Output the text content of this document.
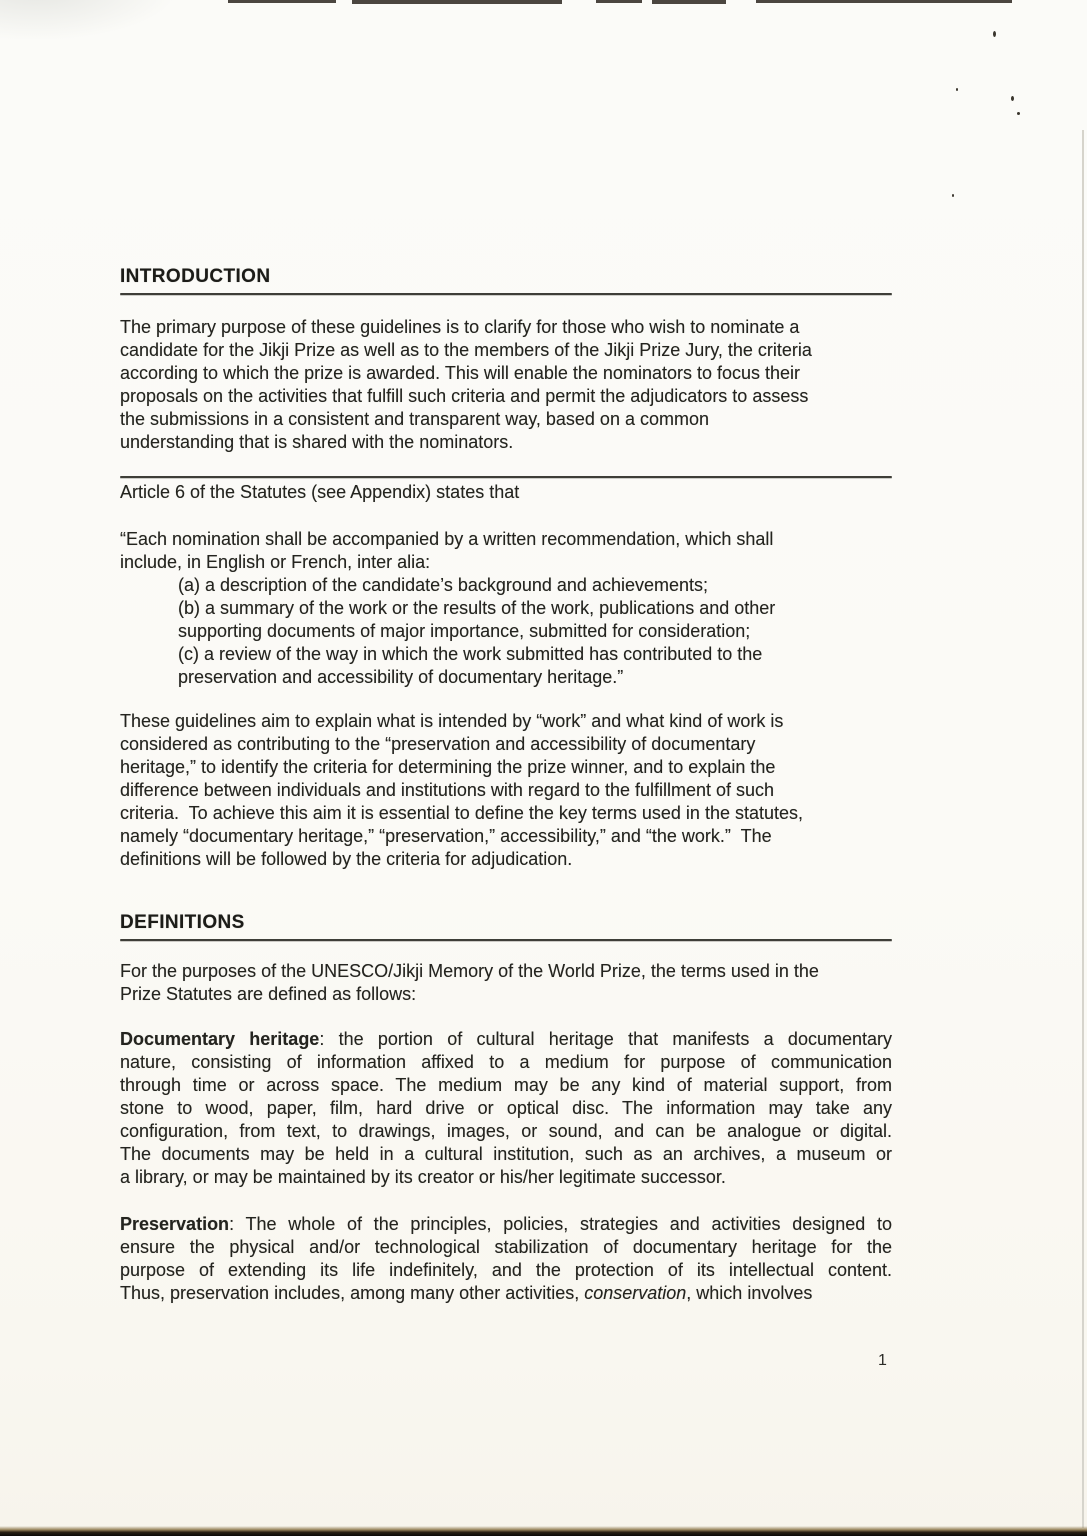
INTRODUCTION
The primary purpose of these guidelines is to clarify for those who wish to nominate a
candidate for the Jikji Prize as well as to the members of the Jikji Prize Jury, the criteria
according to which the prize is awarded. This will enable the nominators to focus their
proposals on the activities that fulfill such criteria and permit the adjudicators to assess
the submissions in a consistent and transparent way, based on a common
understanding that is shared with the nominators.
Article 6 of the Statutes (see Appendix) states that
“Each nomination shall be accompanied by a written recommendation, which shall
include, in English or French, inter alia:
(a) a description of the candidate’s background and achievements;
(b) a summary of the work or the results of the work, publications and other
supporting documents of major importance, submitted for consideration;
(c) a review of the way in which the work submitted has contributed to the
preservation and accessibility of documentary heritage.”
These guidelines aim to explain what is intended by “work” and what kind of work is
considered as contributing to the “preservation and accessibility of documentary
heritage,” to identify the criteria for determining the prize winner, and to explain the
difference between individuals and institutions with regard to the fulfillment of such
criteria.  To achieve this aim it is essential to define the key terms used in the statutes,
namely “documentary heritage,” “preservation,” accessibility,” and “the work.”  The
definitions will be followed by the criteria for adjudication.
DEFINITIONS
For the purposes of the UNESCO/Jikji Memory of the World Prize, the terms used in the
Prize Statutes are defined as follows:
Documentary heritage: the portion of cultural heritage that manifests a documentary
nature, consisting of information affixed to a medium for purpose of communication
through time or across space. The medium may be any kind of material support, from
stone to wood, paper, film, hard drive or optical disc. The information may take any
configuration, from text, to drawings, images, or sound, and can be analogue or digital.
The documents may be held in a cultural institution, such as an archives, a museum or
a library, or may be maintained by its creator or his/her legitimate successor.
Preservation: The whole of the principles, policies, strategies and activities designed to
ensure the physical and/or technological stabilization of documentary heritage for the
purpose of extending its life indefinitely, and the protection of its intellectual content.
Thus, preservation includes, among many other activities, conservation, which involves
1
